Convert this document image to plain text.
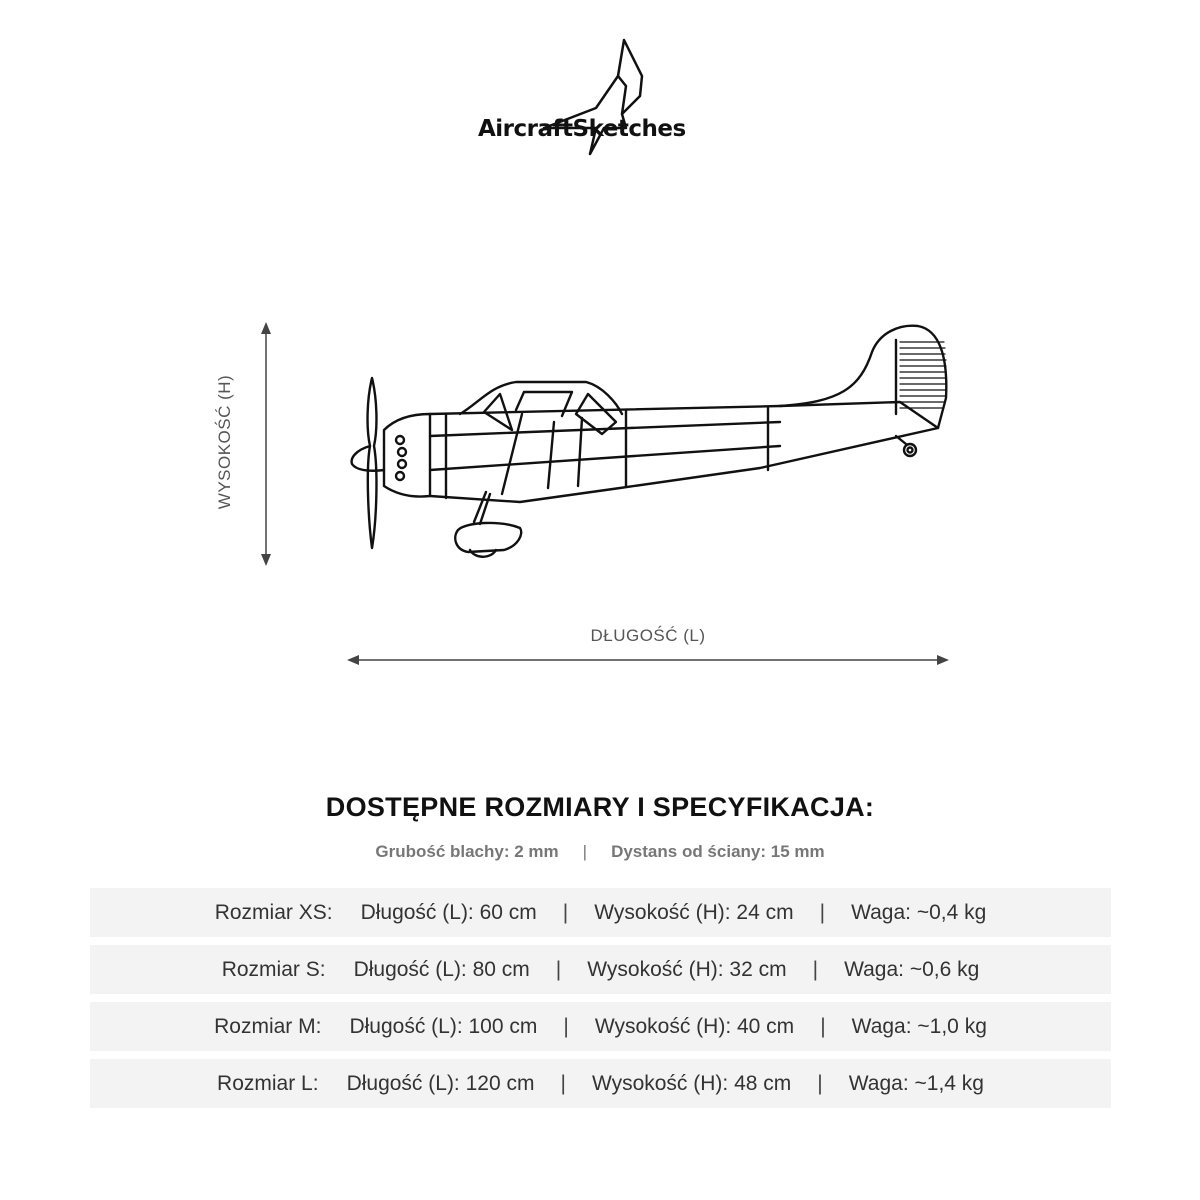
AircraftSketches
WYSOKOŚĆ (H)
DŁUGOŚĆ (L)
DOSTĘPNE ROZMIARY I SPECYFIKACJA:
Grubość blachy: 2 mm | Dystans od ściany: 15 mm
Rozmiar XS: Długość (L): 60 cm | Wysokość (H): 24 cm | Waga: ~0,4 kg
Rozmiar S: Długość (L): 80 cm | Wysokość (H): 32 cm | Waga: ~0,6 kg
Rozmiar M: Długość (L): 100 cm | Wysokość (H): 40 cm | Waga: ~1,0 kg
Rozmiar L: Długość (L): 120 cm | Wysokość (H): 48 cm | Waga: ~1,4 kg
